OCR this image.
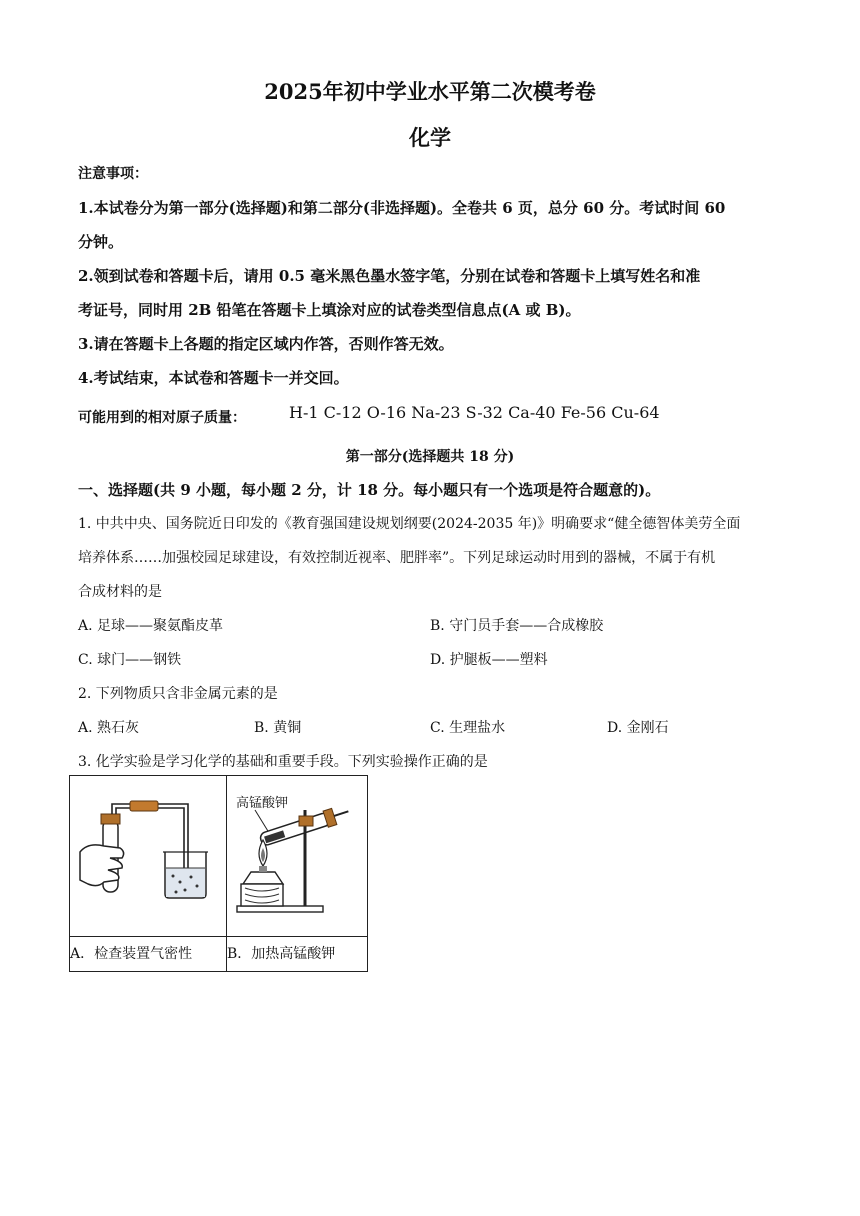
2025年初中学业水平第二次模考卷
化学
注意事项：
1.本试卷分为第一部分(选择题)和第二部分(非选择题)。全卷共 6 页，总分 60 分。考试时间 60
分钟。
2.领到试卷和答题卡后，请用 0.5 毫米黑色墨水签字笔，分别在试卷和答题卡上填写姓名和准
考证号，同时用 2B 铅笔在答题卡上填涂对应的试卷类型信息点(A 或 B)。
3.请在答题卡上各题的指定区域内作答，否则作答无效。
4.考试结束，本试卷和答题卡一并交回。
可能用到的相对原子质量：	H-1 C-12 O-16 Na-23 S-32 Ca-40 Fe-56 Cu-64
第一部分(选择题共 18 分)
一、选择题(共 9 小题，每小题 2 分，计 18 分。每小题只有一个选项是符合题意的)。
1. 中共中央、国务院近日印发的《教育强国建设规划纲要(2024-2035 年)》明确要求“健全德智体美劳全面
培养体系……加强校园足球建设，有效控制近视率、肥胖率”。下列足球运动时用到的器械，不属于有机
合成材料的是
A. 足球——聚氨酯皮革	B. 守门员手套——合成橡胶
C. 球门——钢铁	D. 护腿板——塑料
2. 下列物质只含非金属元素的是
A. 熟石灰	B. 黄铜	C. 生理盐水	D. 金刚石
3. 化学实验是学习化学的基础和重要手段。下列实验操作正确的是

高锰酸钾

A．检查装置气密性	B．加热高锰酸钾
